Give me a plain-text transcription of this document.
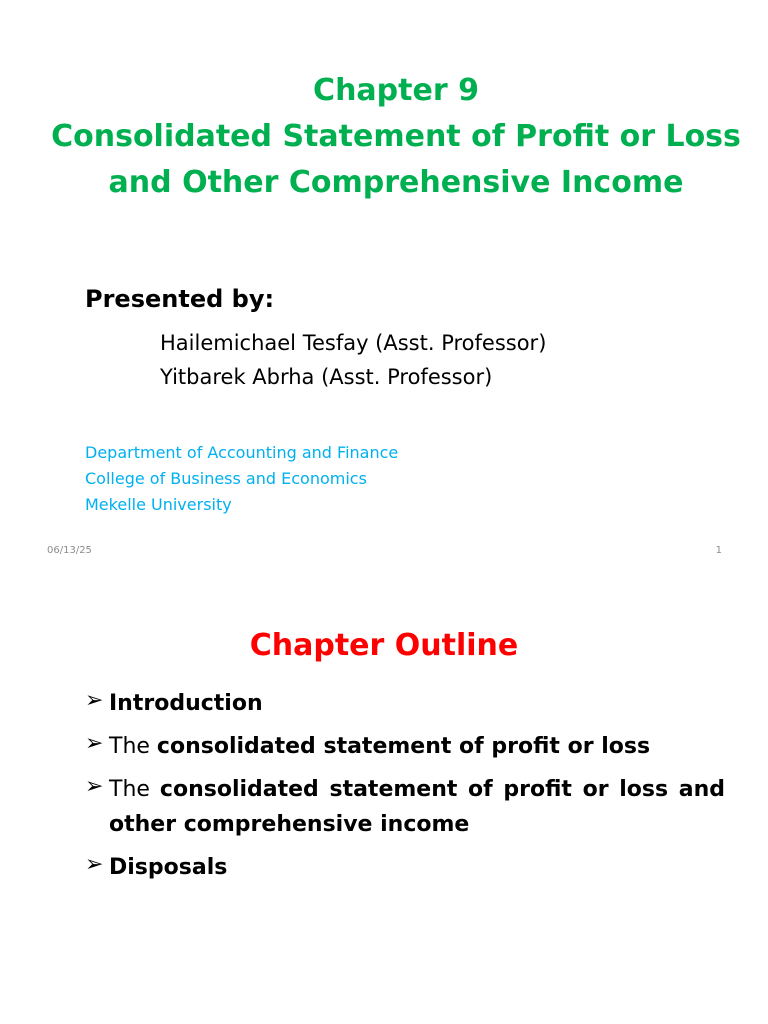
Chapter 9
Consolidated Statement of Profit or Loss
and Other Comprehensive Income
Presented by:
Hailemichael Tesfay (Asst. Professor)
Yitbarek Abrha (Asst. Professor)
Department of Accounting and Finance
College of Business and Economics
Mekelle University
06/13/25	1
Chapter Outline
➢ Introduction
➢ The consolidated statement of profit or loss
➢ The consolidated statement of profit or loss and other comprehensive income
➢ Disposals
